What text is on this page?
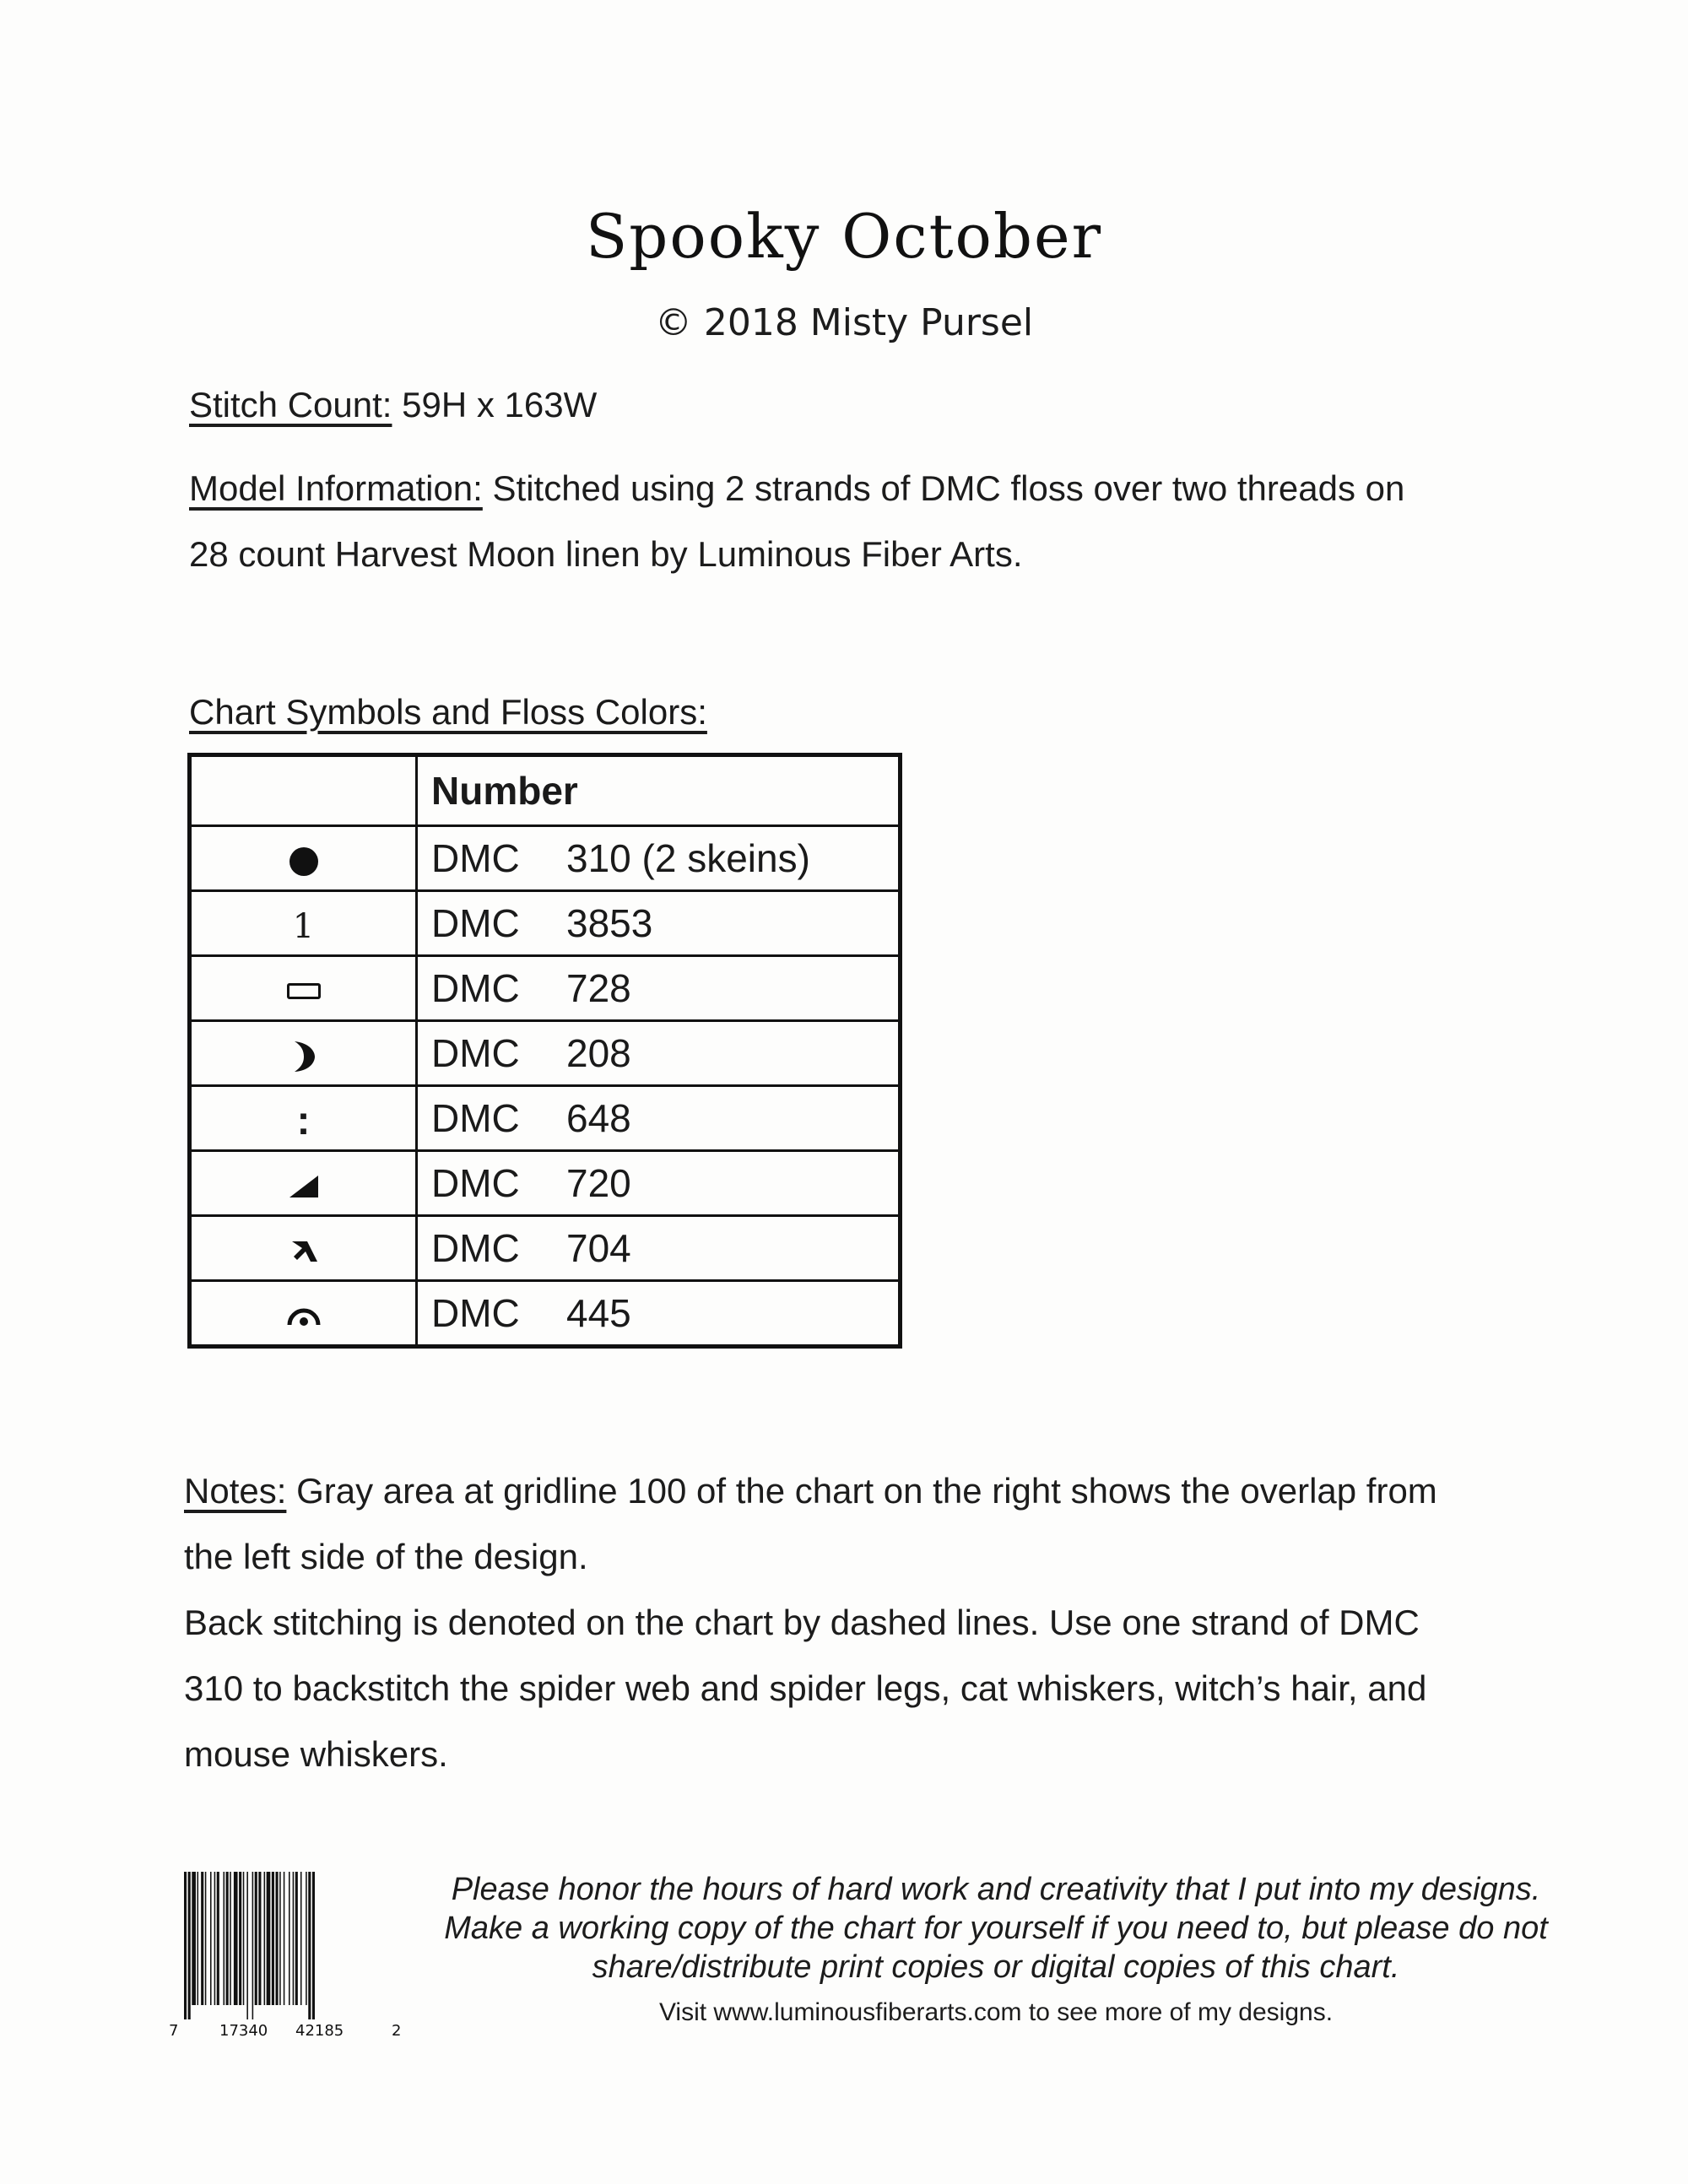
Spooky October
© 2018 Misty Pursel
Stitch Count: 59H x 163W
Model Information: Stitched using 2 strands of DMC floss over two threads on
28 count Harvest Moon linen by Luminous Fiber Arts.
Chart Symbols and Floss Colors:
	Number
	DMC 310 (2 skeins)
1	DMC 3853
	DMC 728
	DMC 208
:	DMC 648
	DMC 720
	DMC 704
	DMC 445
Notes: Gray area at gridline 100 of the chart on the right shows the overlap from
the left side of the design.
Back stitching is denoted on the chart by dashed lines. Use one strand of DMC
310 to backstitch the spider web and spider legs, cat whiskers, witch’s hair, and
mouse whiskers.
7	17340 42185	2
Please honor the hours of hard work and creativity that I put into my designs.
Make a working copy of the chart for yourself if you need to, but please do not
share/distribute print copies or digital copies of this chart.
Visit www.luminousfiberarts.com to see more of my designs.
